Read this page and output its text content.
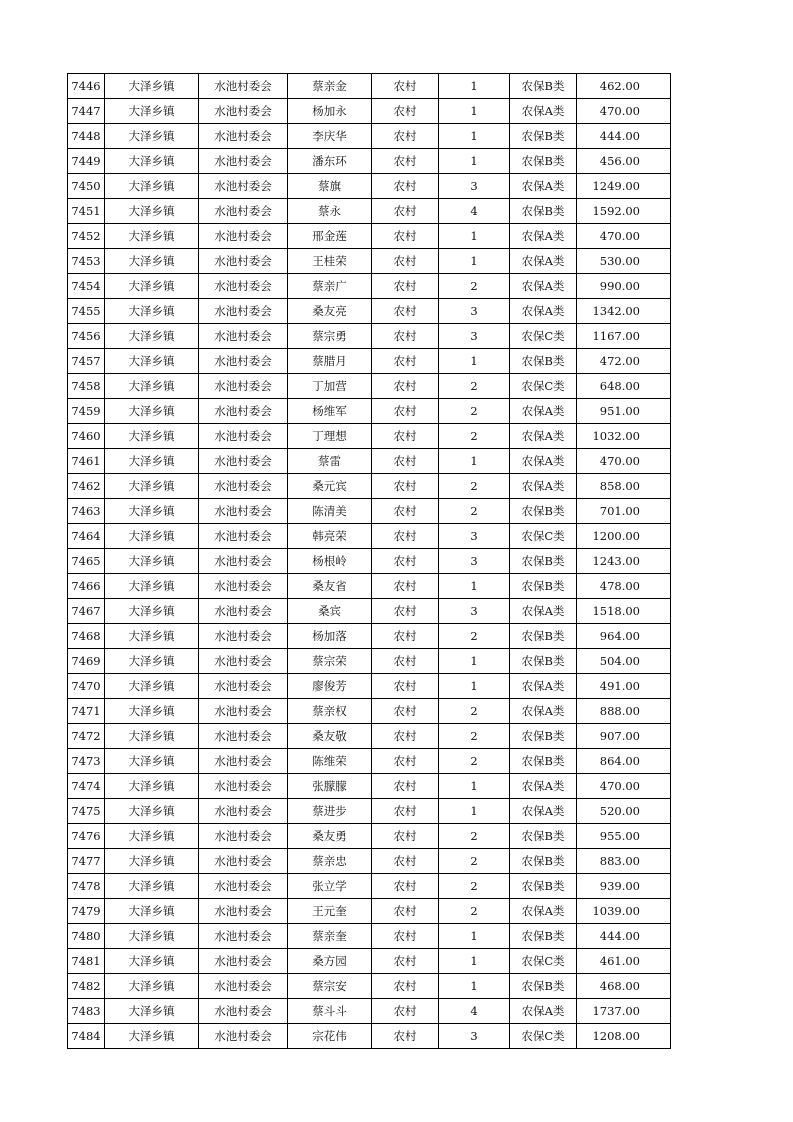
7446	大泽乡镇	水池村委会	蔡亲金	农村	1	农保B类	462.00
7447	大泽乡镇	水池村委会	杨加永	农村	1	农保A类	470.00
7448	大泽乡镇	水池村委会	李庆华	农村	1	农保B类	444.00
7449	大泽乡镇	水池村委会	潘东环	农村	1	农保B类	456.00
7450	大泽乡镇	水池村委会	蔡旗	农村	3	农保A类	1249.00
7451	大泽乡镇	水池村委会	蔡永	农村	4	农保B类	1592.00
7452	大泽乡镇	水池村委会	邢金莲	农村	1	农保A类	470.00
7453	大泽乡镇	水池村委会	王桂荣	农村	1	农保A类	530.00
7454	大泽乡镇	水池村委会	蔡亲广	农村	2	农保A类	990.00
7455	大泽乡镇	水池村委会	桑友亮	农村	3	农保A类	1342.00
7456	大泽乡镇	水池村委会	蔡宗勇	农村	3	农保C类	1167.00
7457	大泽乡镇	水池村委会	蔡腊月	农村	1	农保B类	472.00
7458	大泽乡镇	水池村委会	丁加营	农村	2	农保C类	648.00
7459	大泽乡镇	水池村委会	杨维军	农村	2	农保A类	951.00
7460	大泽乡镇	水池村委会	丁理想	农村	2	农保A类	1032.00
7461	大泽乡镇	水池村委会	蔡雷	农村	1	农保A类	470.00
7462	大泽乡镇	水池村委会	桑元宾	农村	2	农保A类	858.00
7463	大泽乡镇	水池村委会	陈清美	农村	2	农保B类	701.00
7464	大泽乡镇	水池村委会	韩亮荣	农村	3	农保C类	1200.00
7465	大泽乡镇	水池村委会	杨根岭	农村	3	农保B类	1243.00
7466	大泽乡镇	水池村委会	桑友省	农村	1	农保B类	478.00
7467	大泽乡镇	水池村委会	桑宾	农村	3	农保A类	1518.00
7468	大泽乡镇	水池村委会	杨加落	农村	2	农保B类	964.00
7469	大泽乡镇	水池村委会	蔡宗荣	农村	1	农保B类	504.00
7470	大泽乡镇	水池村委会	廖俊芳	农村	1	农保A类	491.00
7471	大泽乡镇	水池村委会	蔡亲权	农村	2	农保A类	888.00
7472	大泽乡镇	水池村委会	桑友敬	农村	2	农保B类	907.00
7473	大泽乡镇	水池村委会	陈维荣	农村	2	农保B类	864.00
7474	大泽乡镇	水池村委会	张朦朦	农村	1	农保A类	470.00
7475	大泽乡镇	水池村委会	蔡进步	农村	1	农保A类	520.00
7476	大泽乡镇	水池村委会	桑友勇	农村	2	农保B类	955.00
7477	大泽乡镇	水池村委会	蔡亲忠	农村	2	农保B类	883.00
7478	大泽乡镇	水池村委会	张立学	农村	2	农保B类	939.00
7479	大泽乡镇	水池村委会	王元奎	农村	2	农保A类	1039.00
7480	大泽乡镇	水池村委会	蔡亲奎	农村	1	农保B类	444.00
7481	大泽乡镇	水池村委会	桑方园	农村	1	农保C类	461.00
7482	大泽乡镇	水池村委会	蔡宗安	农村	1	农保B类	468.00
7483	大泽乡镇	水池村委会	蔡斗斗	农村	4	农保A类	1737.00
7484	大泽乡镇	水池村委会	宗花伟	农村	3	农保C类	1208.00
